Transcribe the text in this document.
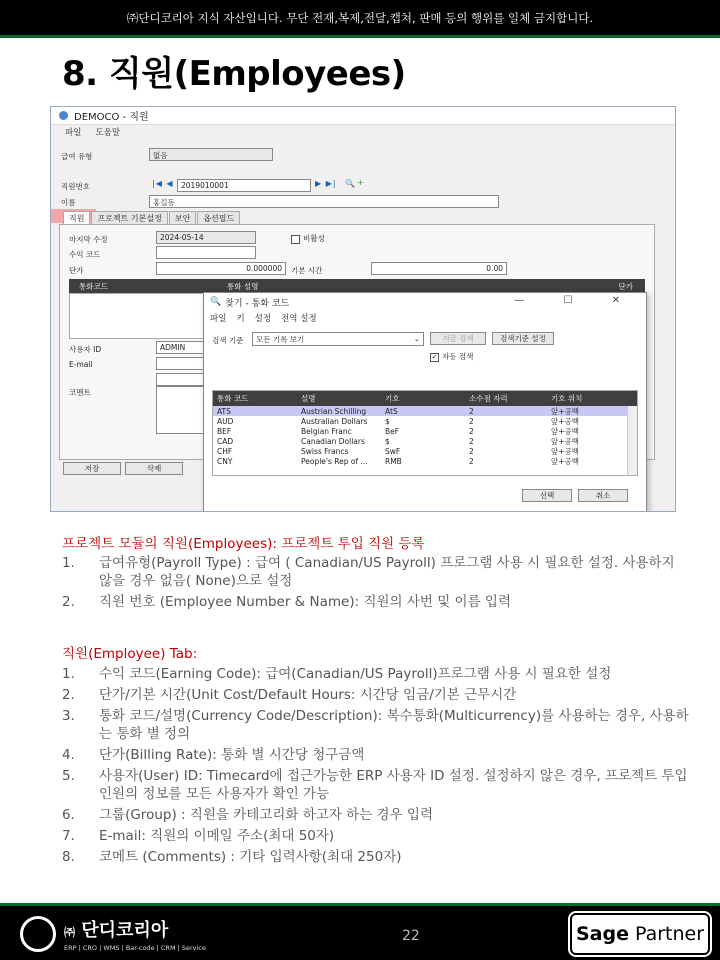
㈜단디코리아 지식 자산입니다. 무단 전재,복제,전달,캡쳐, 판매 등의 행위를 일체 금지합니다.
8. 직원(Employees)
DEMOCO - 직원
파일 도움말
급여 유형	없음
직원번호	|◀ ◀ 2019010001	▶ ▶| 🔍 +
이름	홍길동
직원	프로젝트 기본설정	보안	옵션필드
마지막 수정	2024-05-14	비활성
수익 코드
단가	0.000000	기본 시간	0.00
통화코드	통화 설명	단가
사용자 ID	ADMIN
E-mail
코멘트
저장	삭제
🔍 찾기 - 통화 코드	— ☐ ✕
파일 키 설정 전역 설정
검색 기준	모든 기록 보기	⌄	지금 검색	검색기준 설정
✓ 자동 검색
통화 코드	설명	기호	소수점 자리	기호 위치
ATS	Austrian Schilling	AtS	2	앞+공백
AUD	Australian Dollars	$	2	앞+공백
BEF	Belgian Franc	BeF	2	앞+공백
CAD	Canadian Dollars	$	2	앞+공백
CHF	Swiss Francs	SwF	2	앞+공백
CNY	People's Rep of ...	RMB	2	앞+공백
선택	취소
프로젝트 모듈의 직원(Employees): 프로젝트 투입 직원 등록
1.	급여유형(Payroll Type) : 급여 ( Canadian/US Payroll) 프로그램 사용 시 필요한 설정. 사용하지 않을 경우 없음( None)으로 설정
2.	직원 번호 (Employee Number & Name): 직원의 사번 및 이름 입력
직원(Employee) Tab:
1.	수익 코드(Earning Code): 급여(Canadian/US Payroll)프로그램 사용 시 필요한 설정
2.	단가/기본 시간(Unit Cost/Default Hours: 시간당 임금/기본 근무시간
3.	통화 코드/설명(Currency Code/Description): 복수통화(Multicurrency)를 사용하는 경우, 사용하는 통화 별 정의
4.	단가(Billing Rate): 통화 별 시간당 청구금액
5.	사용자(User) ID: Timecard에 접근가능한 ERP 사용자 ID 설정. 설정하지 않은 경우, 프로젝트 투입인원의 정보를 모든 사용자가 확인 가능
6.	그룹(Group) : 직원을 카테고리화 하고자 하는 경우 입력
7.	E-mail: 직원의 이메일 주소(최대 50자)
8.	코메트 (Comments) : 기타 입력사항(최대 250자)
㈜ 단디코리아
ERP | CRO | WMS | Bar-code | CRM | Service
22	Sage Partner
